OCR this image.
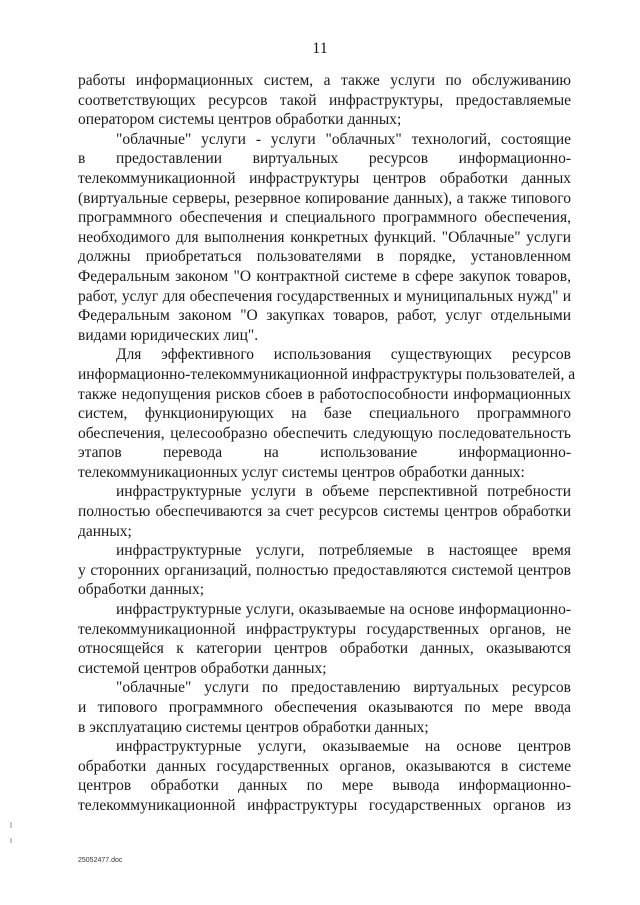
11
работы информационных систем, а также услуги по обслуживанию
соответствующих ресурсов такой инфраструктуры, предоставляемые
оператором системы центров обработки данных;
"облачные" услуги - услуги "облачных" технологий, состоящие
в предоставлении виртуальных ресурсов информационно-
телекоммуникационной инфраструктуры центров обработки данных
(виртуальные серверы, резервное копирование данных), а также типового
программного обеспечения и специального программного обеспечения,
необходимого для выполнения конкретных функций. "Облачные" услуги
должны приобретаться пользователями в порядке, установленном
Федеральным законом "О контрактной системе в сфере закупок товаров,
работ, услуг для обеспечения государственных и муниципальных нужд" и
Федеральным законом "О закупках товаров, работ, услуг отдельными
видами юридических лиц".
Для эффективного использования существующих ресурсов
информационно-телекоммуникационной инфраструктуры пользователей, а
также недопущения рисков сбоев в работоспособности информационных
систем, функционирующих на базе специального программного
обеспечения, целесообразно обеспечить следующую последовательность
этапов перевода на использование информационно-
телекоммуникационных услуг системы центров обработки данных:
инфраструктурные услуги в объеме перспективной потребности
полностью обеспечиваются за счет ресурсов системы центров обработки
данных;
инфраструктурные услуги, потребляемые в настоящее время
у сторонних организаций, полностью предоставляются системой центров
обработки данных;
инфраструктурные услуги, оказываемые на основе информационно-
телекоммуникационной инфраструктуры государственных органов, не
относящейся к категории центров обработки данных, оказываются
системой центров обработки данных;
"облачные" услуги по предоставлению виртуальных ресурсов
и типового программного обеспечения оказываются по мере ввода
в эксплуатацию системы центров обработки данных;
инфраструктурные услуги, оказываемые на основе центров
обработки данных государственных органов, оказываются в системе
центров обработки данных по мере вывода информационно-
телекоммуникационной инфраструктуры государственных органов из
25052477.doc
